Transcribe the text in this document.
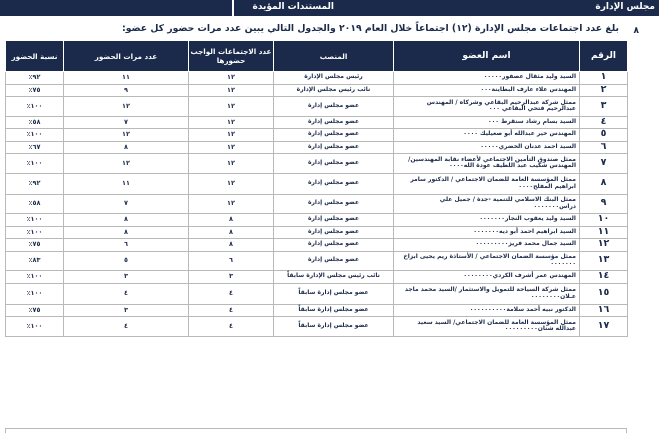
مجلس الإدارة
المستندات المؤيدة
٨
بلغ عدد اجتماعات مجلس الإدارة (١٢) اجتماعاً خلال العام ٢٠١٩ والجدول التالي يبين عدد مرات حضور كل عضو:
الرقم	اسم العضو	المنصب	عدد الاجتماعات الواجب حضورها	عدد مرات الحضور	نسبة الحضور
١	السيد وليد مثقال عصفور٠٠٠٠٠	رئيس مجلس الإدارة	١٢	١١	٩٢٪
٢	المهندس علاء عارف البطاينة٠٠٠	نائب رئيس مجلس الإدارة	١٢	٩	٧٥٪
٣	ممثل شركة عبدالرحيم البقاعي وشركاه / المهندس عبدالرحيم فتحي البقاعي ٠٠٠	عضو مجلس إدارة	١٢	١٢	١٠٠٪
٤	السيد بسام رشاد سنقرط ٠٠٠	عضو مجلس إدارة	١٢	٧	٥٨٪
٥	المهندس خير عبدالله أبو صعيليك ٠٠٠٠	عضو مجلس إدارة	١٢	١٢	١٠٠٪
٦	السيد احمد عدنان الخضري٠٠٠٠٠	عضو مجلس إدارة	١٢	٨	٦٧٪
٧	ممثل صندوق التأمين الاجتماعي لأعضاء نقابة المهندسين/ المهندس شكيب عبد اللطيف عودة الله٠٠٠٠	عضو مجلس إدارة	١٢	١٢	١٠٠٪
٨	ممثل المؤسسة العامة للضمان الاجتماعي / الدكتور سامر ابراهيم المفلح٠٠٠٠	عضو مجلس إدارة	١٢	١١	٩٢٪
٩	ممثل البنك الاسلامي للتنمية -جدة / جميل علي دراس٠٠٠٠٠٠٠	عضو مجلس إدارة	١٢	٧	٥٨٪
١٠	السيد وليد يعقوب النجار٠٠٠٠٠٠٠	عضو مجلس إدارة	٨	٨	١٠٠٪
١١	السيد ابراهيم احمد أبو ديه٠٠٠٠٠٠٠	عضو مجلس إدارة	٨	٨	١٠٠٪
١٢	السيد جمال محمد فريز٠٠٠٠٠٠٠٠٠	عضو مجلس إدارة	٨	٦	٧٥٪
١٣	ممثل مؤسسة الضمان الاجتماعي / الأستاذة ريم يحيى ابزاخ ٠٠٠٠٠٠٠	عضو مجلس إدارة	٦	٥	٨٣٪
١٤	المهندس عمر أشرف الكردي٠٠٠٠٠٠٠٠	نائب رئيس مجلس الإدارة سابقاً	٣	٣	١٠٠٪
١٥	ممثل شركة السياحة للتمويل والاستثمار /السيد محمد ماجد عـلان٠٠٠٠٠٠٠٠	عضو مجلس إدارة سابقاً	٤	٤	١٠٠٪
١٦	الدكتور نبيه أحمد سلامة٠٠٠٠٠٠٠٠٠٠	عضو مجلس إدارة سابقاً	٤	٣	٧٥٪
١٧	ممثل المؤسسة العامة للضمان الاجتماعي/ السيد سعيد عبدالله شنان٠٠٠٠٠٠٠٠٠	عضو مجلس إدارة سابقاً	٤	٤	١٠٠٪
